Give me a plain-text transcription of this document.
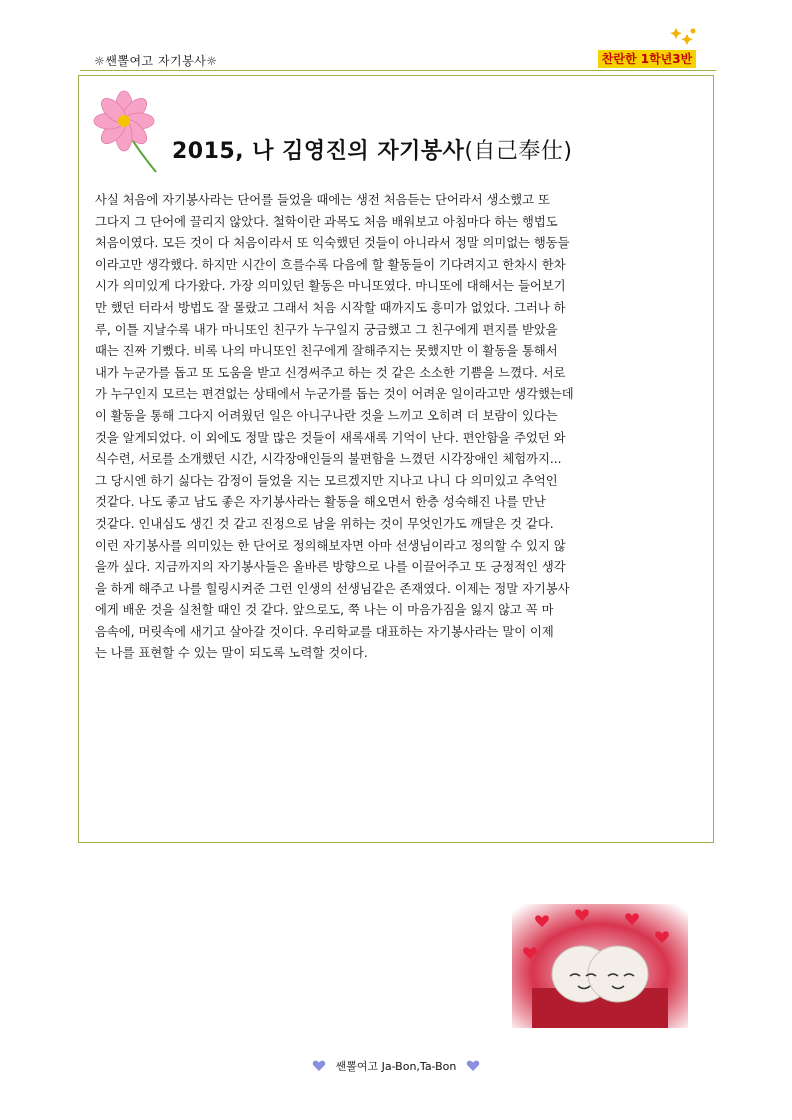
☼쌘뽈여고 자기봉사☼	찬란한 1학년3반
2015, 나 김영진의 자기봉사(自己奉仕)
사실 처음에 자기봉사라는 단어를 들었을 때에는 생전 처음듣는 단어라서 생소했고 또
그다지 그 단어에 끌리지 않았다. 철학이란 과목도 처음 배워보고 아침마다 하는 행법도
처음이였다. 모든 것이 다 처음이라서 또 익숙했던 것들이 아니라서 정말 의미없는 행동들
이라고만 생각했다. 하지만 시간이 흐를수록 다음에 할 활동들이 기다려지고 한차시 한차
시가 의미있게 다가왔다. 가장 의미있던 활동은 마니또였다. 마니또에 대해서는 들어보기
만 했던 터라서 방법도 잘 몰랐고 그래서 처음 시작할 때까지도 흥미가 없었다. 그러나 하
루, 이틀 지날수록 내가 마니또인 친구가 누구일지 궁금했고 그 친구에게 편지를 받았을
때는 진짜 기뻤다. 비록 나의 마니또인 친구에게 잘해주지는 못했지만 이 활동을 통해서
내가 누군가를 돕고 또 도움을 받고 신경써주고 하는 것 같은 소소한 기쁨을 느꼈다. 서로
가 누구인지 모르는 편견없는 상태에서 누군가를 돕는 것이 어려운 일이라고만 생각했는데
이 활동을 통해 그다지 어려웠던 일은 아니구나란 것을 느끼고 오히려 더 보람이 있다는
것을 알게되었다. 이 외에도 정말 많은 것들이 새록새록 기억이 난다. 편안함을 주었던 와
식수련, 서로를 소개했던 시간, 시각장애인들의 불편함을 느꼈던 시각장애인 체험까지...
그 당시엔 하기 싫다는 감정이 들었을 지는 모르겠지만 지나고 나니 다 의미있고 추억인
것같다. 나도 좋고 남도 좋은 자기봉사라는 활동을 해오면서 한층 성숙해진 나를 만난
것같다. 인내심도 생긴 것 같고 진정으로 남을 위하는 것이 무엇인가도 깨달은 것 같다.
이런 자기봉사를 의미있는 한 단어로 정의해보자면 아마 선생님이라고 정의할 수 있지 않
을까 싶다. 지금까지의 자기봉사들은 올바른 방향으로 나를 이끌어주고 또 긍정적인 생각
을 하게 해주고 나를 힐링시켜준 그런 인생의 선생님같은 존재였다. 이제는 정말 자기봉사
에게 배운 것을 실천할 때인 것 같다. 앞으로도, 쭉 나는 이 마음가짐을 잃지 않고 꼭 마
음속에, 머릿속에 새기고 살아갈 것이다. 우리학교를 대표하는 자기봉사라는 말이 이제
는 나를 표현할 수 있는 말이 되도록 노력할 것이다.
쌘뽈여고 Ja-Bon,Ta-Bon
